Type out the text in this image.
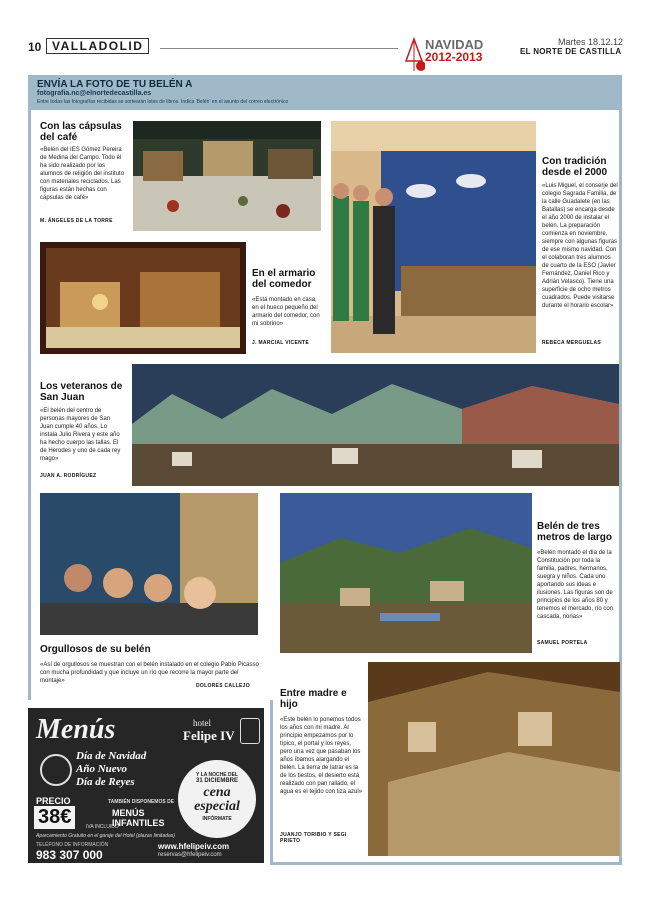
10 VALLADOLID	NAVIDAD
2012-2013
Martes 18.12.12
EL NORTE DE CASTILLA
ENVÍA LA FOTO DE TU BELÉN A
fotografia.nc@elnortedecastilla.es
Entre todas las fotografías recibidas se sortearán lotes de libros. Indica 'Belén' en el asunto del correo electrónico
Con las cápsulas del café
«Belén del IES Gómez Pereira de Medina del Campo. Todo él ha sido realizado por los alumnos de religión del instituto con materiales reciclados. Las figuras están hechas con cápsulas de café»
M. ÁNGELES DE LA TORRE
En el armario del comedor
«Está montado en casa, en el hueco pequeño del armario del comedor, con mi sobrino»
J. MARCIAL VICENTE
Con tradición desde el 2000
«Luis Miguel, el conserje del colegio Sagrada Familia, de la calle Guadalete (en las Batallas) se encarga desde el año 2000 de instalar el belén. La preparación comienza en noviembre, siempre con algunas figuras de ese mismo navidad. Con el colaboran tres alumnos de cuarto de la ESO (Javier Fernández, Daniel Rico y Adrián Velasco). Tiene una superficie de ocho metros cuadrados. Puede visitarse durante el horario escolar»
REBECA MERGUELAS
Los veteranos de San Juan
«El belén del centro de personas mayores de San Juan cumple 40 años. Lo instala Julio Rivera y este año ha hecho cuerpo las tallas. El de Herodes y uno de cada rey mago»
JUAN A. RODRÍGUEZ
Orgullosos de su belén
«Así de orgullosos se muestran con el belén instalado en el colegio Pablo Picasso con mucha profundidad y que incluye un río que recorre la mayor parte del montaje»
DOLORES CALLEJO
Belén de tres metros de largo
«Belén montado el día de la Constitución por toda la familia, padres, hermanos, suegra y niños. Cada uno aportando sus ideas e ilusiones. Las figuras son de principios de los años 80 y tenemos el mercado, río con cascada, norias»
SAMUEL PORTELA
Entre madre e hijo
«Este belén lo ponemos todos los años con mi madre. Al principio empezamos por lo típico, el portal y los reyes, pero una vez que pasaban los años íbamos alargando el belén. La tierra de latrar es la de los tiestos, el desierto está realizado con pan rallado, el agua es el tejido con tiza azul»
JUANJO TORIBIO Y SEGI PRIETO
Menús	hotel
Felipe IV
Día de Navidad
Año Nuevo
Día de Reyes
PRECIO
38€	IVA INCLUIDO
TAMBIÉN DISPONEMOS DE
MENÚS INFANTILES
Y LA NOCHE DEL
31 DICIEMBRE
cena especial
INFÓRMATE
Aparcamiento Gratuito en el garaje del Hotel (plazas limitadas)
TELÉFONO DE INFORMACIÓN
983 307 000
www.hfelipeiv.com
reservas@hfelipeiv.com
